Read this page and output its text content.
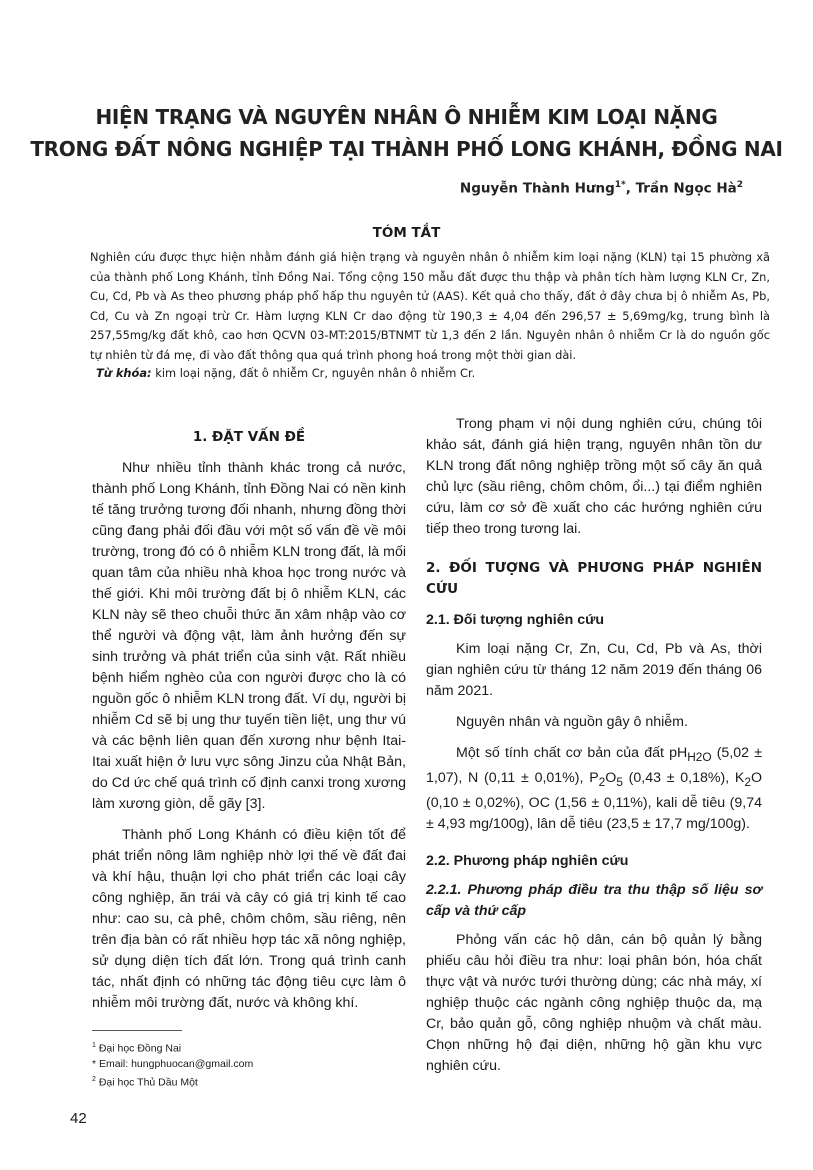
HIỆN TRẠNG VÀ NGUYÊN NHÂN Ô NHIỄM KIM LOẠI NẶNG
TRONG ĐẤT NÔNG NGHIỆP TẠI THÀNH PHỐ LONG KHÁNH, ĐỒNG NAI
Nguyễn Thành Hưng$^{1*}$, Trần Ngọc $Hà^2$
TÓM TẮT
Nghiên cứu được thực hiện nhằm đánh giá hiện trạng và nguyên nhân ô nhiễm kim loại nặng (KLN) tại 15 phường xã của thành phố Long Khánh, tỉnh Đồng Nai. Tổng cộng 150 mẫu đất được thu thập và phân tích hàm lượng KLN Cr, Zn, Cu, Cd, Pb và As theo phương pháp phổ hấp thu nguyên tử (AAS). Kết quả cho thấy, đất ở đây chưa bị ô nhiễm As, Pb, Cd, Cu và Zn ngoại trừ Cr. Hàm lượng KLN Cr dao động từ 190,3 ± 4,04 đến 296,57 ± 5,69mg/kg, trung bình là 257,55mg/kg đất khô, cao hơn QCVN 03-MT:2015/BTNMT từ 1,3 đến 2 lần. Nguyên nhân ô nhiễm Cr là do nguồn gốc tự nhiên từ đá mẹ, đi vào đất thông qua quá trình phong hoá trong một thời gian dài.
Từ khóa: kim loại nặng, đất ô nhiễm Cr, nguyên nhân ô nhiễm Cr.
1. ĐẶT VẤN ĐỀ

Như nhiều tỉnh thành khác trong cả nước, thành phố Long Khánh, tỉnh Đồng Nai có nền kinh tế tăng trưởng tương đối nhanh, nhưng đồng thời cũng đang phải đối đầu với một số vấn đề về môi trường, trong đó có ô nhiễm KLN trong đất, là mối quan tâm của nhiều nhà khoa học trong nước và thế giới. Khi môi trường đất bị ô nhiễm KLN, các KLN này sẽ theo chuỗi thức ăn xâm nhập vào cơ thể người và động vật, làm ảnh hưởng đến sự sinh trưởng và phát triển của sinh vật. Rất nhiều bệnh hiểm nghèo của con người được cho là có nguồn gốc ô nhiễm KLN trong đất. Ví dụ, người bị nhiễm Cd sẽ bị ung thư tuyến tiền liệt, ung thư vú và các bệnh liên quan đến xương như bệnh Itai-Itai xuất hiện ở lưu vực sông Jinzu của Nhật Bản, do Cd ức chế quá trình cố định canxi trong xương làm xương giòn, dễ gãy [3].

Thành phố Long Khánh có điều kiện tốt để phát triển nông lâm nghiệp nhờ lợi thế về đất đai và khí hậu, thuận lợi cho phát triển các loại cây công nghiệp, ăn trái và cây có giá trị kinh tế cao như: cao su, cà phê, chôm chôm, sầu riêng, nên trên địa bàn có rất nhiều hợp tác xã nông nghiệp, sử dụng diện tích đất lớn. Trong quá trình canh tác, nhất định có những tác động tiêu cực làm ô nhiễm môi trường đất, nước và không khí.

Trong phạm vi nội dung nghiên cứu, chúng tôi khảo sát, đánh giá hiện trạng, nguyên nhân tồn dư KLN trong đất nông nghiệp trồng một số cây ăn quả chủ lực (sầu riêng, chôm chôm, ổi...) tại điểm nghiên cứu, làm cơ sở đề xuất cho các hướng nghiên cứu tiếp theo trong tương lai.

2. ĐỐI TƯỢNG VÀ PHƯƠNG PHÁP NGHIÊN CỨU
2.1. Đối tượng nghiên cứu

Kim loại nặng Cr, Zn, Cu, Cd, Pb và As, thời gian nghiên cứu từ tháng 12 năm 2019 đến tháng 06 năm 2021.

Nguyên nhân và nguồn gây ô nhiễm.

Một số tính chất cơ bản của đất $pH_{H2O}$ (5,02 ± 1,07), N (0,11 ± 0,01%), $P_2O_5$ (0,43 ± 0,18%), $K_2O$ (0,10 ± 0,02%), OC (1,56 ± 0,11%), kali dễ tiêu (9,74 ± 4,93 mg/100g), lân dễ tiêu (23,5 ± 17,7 mg/100g).

2.2. Phương pháp nghiên cứu
2.2.1. Phương pháp điều tra thu thập số liệu sơ cấp và thứ cấp

Phỏng vấn các hộ dân, cán bộ quản lý bằng phiếu câu hỏi điều tra như: loại phân bón, hóa chất thực vật và nước tưới thường dùng; các nhà máy, xí nghiệp thuộc các ngành công nghiệp thuộc da, mạ Cr, bảo quản gỗ, công nghiệp nhuộm và chất màu. Chọn những hộ đại diện, những hộ gần khu vực nghiên cứu.

$^1$ Đại học Đồng Nai
* Email: hungphuocan@gmail.com
$^2$ Đại học Thủ Dầu Một
42
